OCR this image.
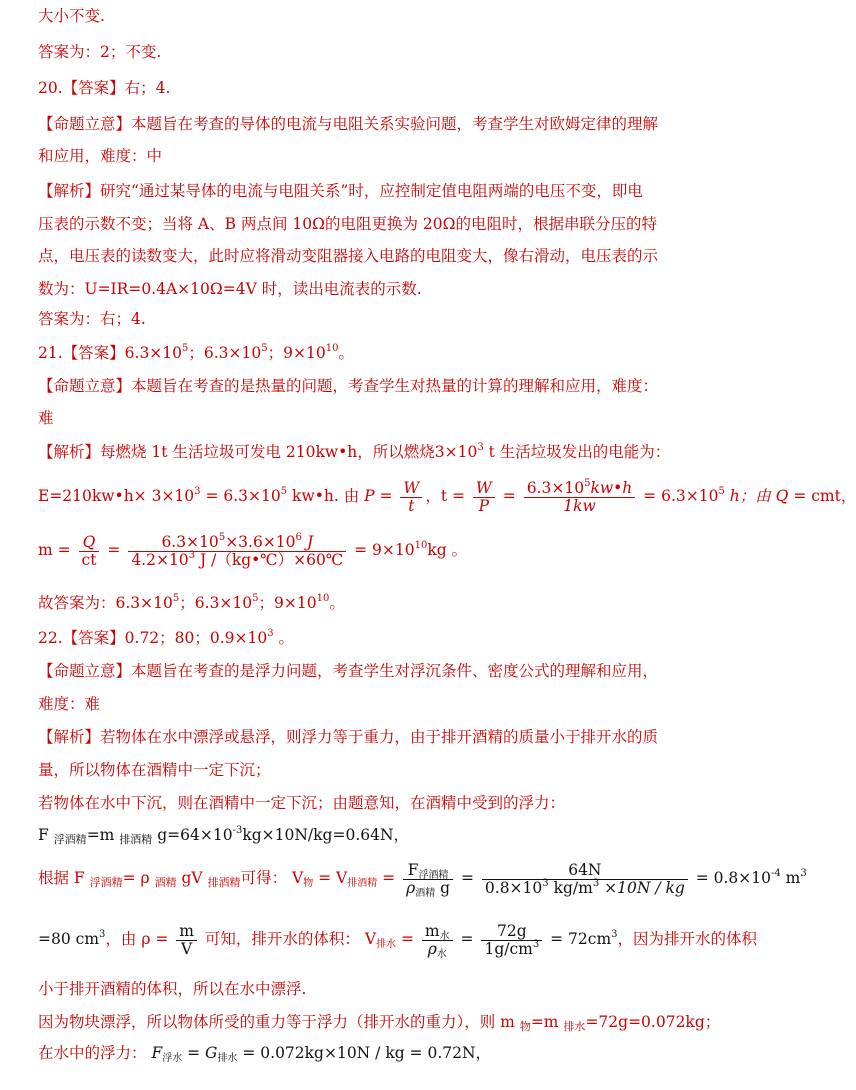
大小不变.
答案为：2；不变.
20.【答案】右；4.
【命题立意】本题旨在考查的导体的电流与电阻关系实验问题，考查学生对欧姆定律的理解
和应用，难度：中
【解析】研究“通过某导体的电流与电阻关系”时，应控制定值电阻两端的电压不变，即电
压表的示数不变；当将 A、B 两点间 10Ω的电阻更换为 20Ω的电阻时，根据串联分压的特
点，电压表的读数变大，此时应将滑动变阻器接入电路的电阻变大，像右滑动，电压表的示
数为：U=IR=0.4A×10Ω=4V 时，读出电流表的示数.
答案为：右；4.
21.【答案】$6.3\times 10^5$；$6.3\times 10^5$；$9\times 10^{10}$。
【命题立意】本题旨在考查的是热量的问题，考查学生对热量的计算的理解和应用，难度：
难
【解析】每燃烧 1t 生活垃圾可发电 210kw•h，所以燃烧$3\times 10^3$ t 生活垃圾发出的电能为：
E=210kw•h× $3\times 10^3 = 6.3\times 10^5$ kw•h. 由 $P = \frac{W}{t}$ ，$t = \frac{W}{P} = \frac{6.3\times 10^5kw•h}{1kw} = 6.3\times 10^5$ h；由 Q = cmt，
$m = \frac{Q}{ct} = \frac{6.3\times 10^5\times 3.6\times 10^6 J}{4.2\times 10^3 J /(kg•℃)\times 60℃} = 9\times 10^{10}kg$ 。
故答案为：$6.3\times 10^5$；$6.3\times 10^5$；$9\times 10^{10}$。
22.【答案】0.72；80；$0.9\times 10^3$ 。
【命题立意】本题旨在考查的是浮力问题，考查学生对浮沉条件、密度公式的理解和应用，
难度：难
【解析】若物体在水中漂浮或悬浮，则浮力等于重力，由于排开酒精的质量小于排开水的质
量，所以物体在酒精中一定下沉；
若物体在水中下沉，则在酒精中一定下沉；由题意知，在酒精中受到的浮力：
F $_{浮酒精}$=m $_{排酒精}$ $g=64\times 10^{-3}kg\times 10N/kg=0.64N$，
根据 F $_{浮酒精}$= ρ $_{酒精}$ gV $_{排酒精}$可得： $V_物 = V_{排酒精} = \frac{F_{浮酒精}}{\rho_{酒精} g} = \frac{64N}{0.8\times 10^3 kg/m^3 \times 10N / kg} = 0.8\times 10^{-4}$ $m^3$
=80 $cm^3$，由 $\rho = \frac{m}{V}$ 可知，排开水的体积： $V_{排水} = \frac{m_水}{\rho_水} = \frac{72g}{1g/cm^3} = 72cm^3$，因为排开水的体积
小于排开酒精的体积，所以在水中漂浮.
因为物块漂浮，所以物体所受的重力等于浮力（排开水的重力），则 m $_物$=m $_{排水}$=72g=0.072kg；
在水中的浮力： $F_{浮水} = G_{排水} = 0.072kg\times 10N$ / kg = 0.72N，
